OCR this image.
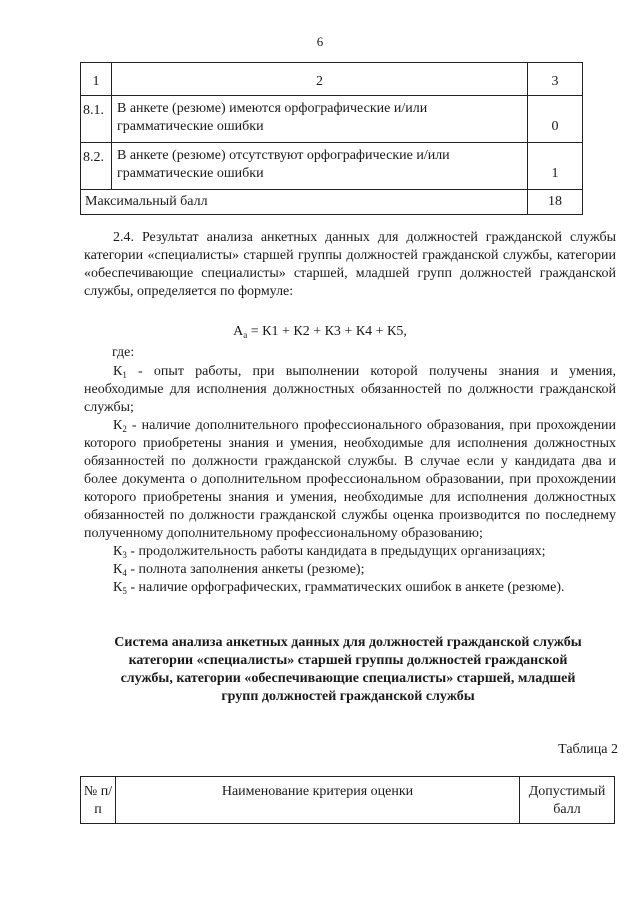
6
1	2	3
8.1.	В анкете (резюме) имеются орфографические и/или грамматические ошибки	0
8.2.	В анкете (резюме) отсутствуют орфографические и/или грамматические ошибки	1
Максимальный балл		18

2.4. Результат анализа анкетных данных для должностей гражданской службы категории «специалисты» старшей группы должностей гражданской службы, категории «обеспечивающие специалисты» старшей, младшей групп должностей гражданской службы, определяется по формуле:

$А_а = К1 + К2 + К3 + К4 + К5$,
где:

$К_1$ - опыт работы, при выполнении которой получены знания и умения, необходимые для исполнения должностных обязанностей по должности гражданской службы;

$К_2$ - наличие дополнительного профессионального образования, при прохождении которого приобретены знания и умения, необходимые для исполнения должностных обязанностей по должности гражданской службы. В случае если у кандидата два и более документа о дополнительном профессиональном образовании, при прохождении которого приобретены знания и умения, необходимые для исполнения должностных обязанностей по должности гражданской службы оценка производится по последнему полученному дополнительному профессиональному образованию;

$К_3$ - продолжительность работы кандидата в предыдущих организациях;

$К_4$ - полнота заполнения анкеты (резюме);

$К_5$ - наличие орфографических, грамматических ошибок в анкете (резюме).

Система анализа анкетных данных для должностей гражданской службы категории «специалисты» старшей группы должностей гражданской службы, категории «обеспечивающие специалисты» старшей, младшей групп должностей гражданской службы
Таблица 2
№ п/п	Наименование критерия оценки	Допустимый балл
